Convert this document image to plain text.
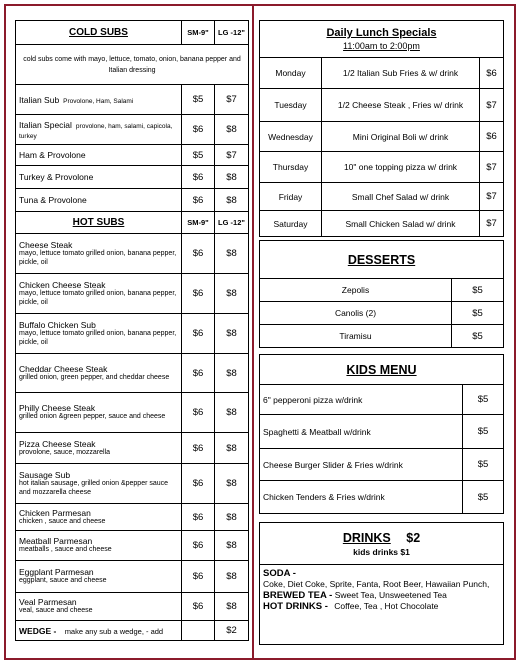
COLD SUBS	SM-9"	LG -12"
cold subs come with mayo, lettuce, tomato, onion, banana pepper and Italian dressing		
Italian Sub Provolone, Ham, Salami	$5	$7
Italian Special provolone, ham, salami, capicola, turkey	$6	$8
Ham & Provolone	$5	$7
Turkey & Provolone	$6	$8
Tuna & Provolone	$6	$8
HOT SUBS	SM-9"	LG -12"

Cheese Steak
mayo, lettuce tomato grilled onion, banana pepper, pickle, oil	$6	$8

Chicken Cheese Steak
mayo, lettuce tomato grilled onion, banana pepper, pickle, oil	$6	$8

Buffalo Chicken Sub
mayo, lettuce tomato grilled onion, banana pepper, pickle, oil	$6	$8

Cheddar Cheese Steak
grilled onion, green pepper, and cheddar cheese	$6	$8

Philly Cheese Steak
grilled onion &green pepper, sauce and cheese	$6	$8

Pizza Cheese Steak
provolone, sauce, mozzarella	$6	$8

Sausage Sub
hot italian sausage, grilled onion &pepper sauce and mozzarella cheese	$6	$8

Chicken Parmesan
chicken , sauce and cheese	$6	$8

Meatball Parmesan
meatballs , sauce and cheese	$6	$8

Eggplant Parmesan
eggplant, sauce and cheese	$6	$8

Veal Parmesan
veal, sauce and cheese	$6	$8
WEDGE - make any sub a wedge, - add		$2
Daily Lunch Specials
11:00am to 2:00pm		

Monday	1/2 Italian Sub Fries & w/ drink	$6
Tuesday	1/2 Cheese Steak , Fries w/ drink	$7
Wednesday	Mini Original Boli w/ drink	$6
Thursday	10" one topping pizza w/ drink	$7
Friday	Small Chef Salad w/ drink	$7
Saturday	Small Chicken Salad w/ drink	$7
DESSERTS	
Zepolis	$5
Canolis (2)	$5
Tiramisu	$5
KIDS MENU	
6" pepperoni pizza w/drink	$5
Spaghetti & Meatball w/drink	$5
Cheese Burger Slider & Fries w/drink	$5
Chicken Tenders & Fries w/drink	$5
DRINKS $2
kids drinks $1

SODA -
Coke, Diet Coke, Sprite, Fanta, Root Beer, Hawaiian Punch,
BREWED TEA - Sweet Tea, Unsweetened Tea
HOT DRINKS - Coffee, Tea , Hot Chocolate
